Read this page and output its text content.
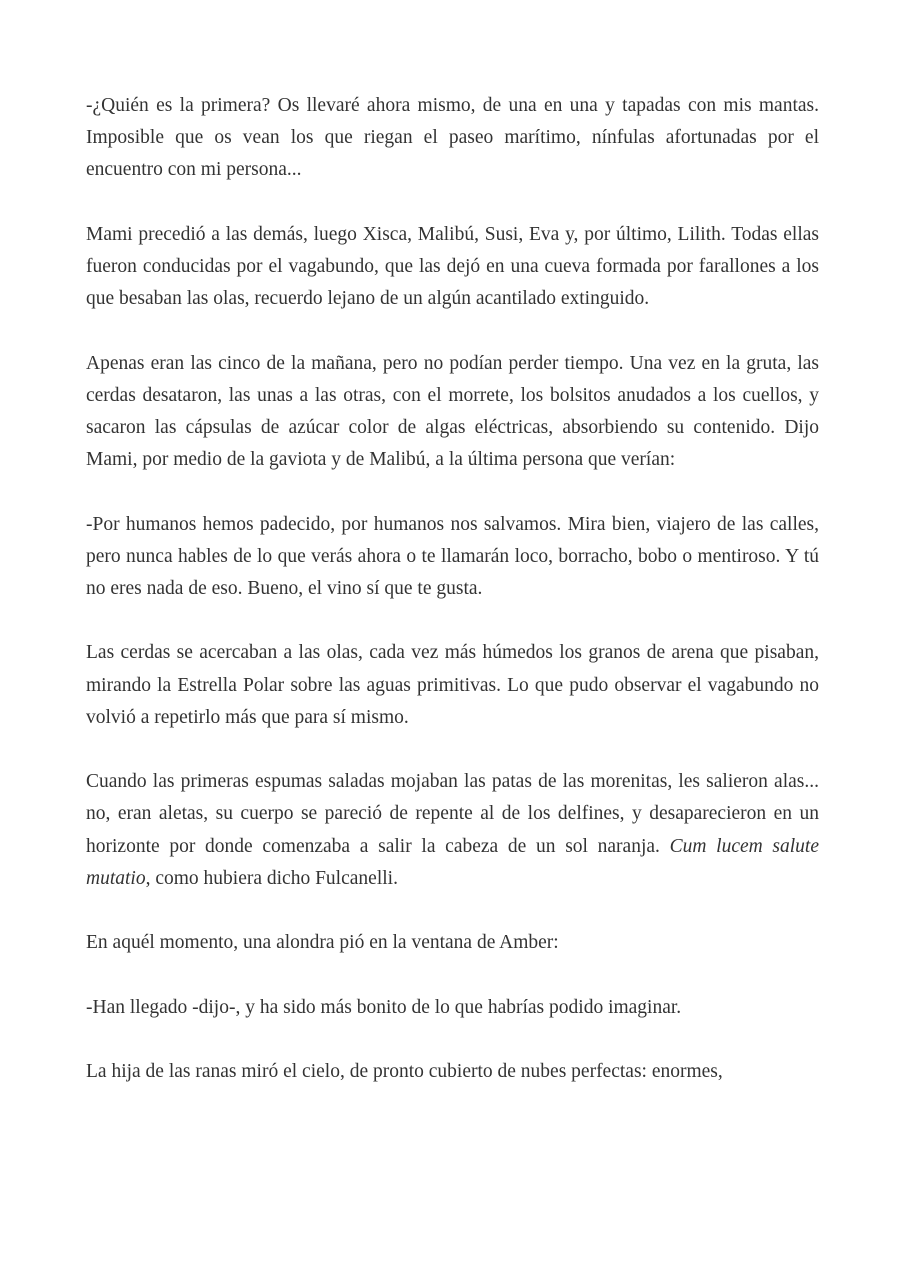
-¿Quién es la primera? Os llevaré ahora mismo, de una en una y tapadas con mis mantas. Imposible que os vean los que riegan el paseo marítimo, nínfulas afortunadas por el encuentro con mi persona...

Mami precedió a las demás, luego Xisca, Malibú, Susi, Eva y, por último, Lilith. Todas ellas fueron conducidas por el vagabundo, que las dejó en una cueva formada por farallones a los que besaban las olas, recuerdo lejano de un algún acantilado extinguido.

Apenas eran las cinco de la mañana, pero no podían perder tiempo. Una vez en la gruta, las cerdas desataron, las unas a las otras, con el morrete, los bolsitos anudados a los cuellos, y sacaron las cápsulas de azúcar color de algas eléctricas, absorbiendo su contenido. Dijo Mami, por medio de la gaviota y de Malibú, a la última persona que verían:

-Por humanos hemos padecido, por humanos nos salvamos. Mira bien, viajero de las calles, pero nunca hables de lo que verás ahora o te llamarán loco, borracho, bobo o mentiroso. Y tú no eres nada de eso. Bueno, el vino sí que te gusta.

Las cerdas se acercaban a las olas, cada vez más húmedos los granos de arena que pisaban, mirando la Estrella Polar sobre las aguas primitivas. Lo que pudo observar el vagabundo no volvió a repetirlo más que para sí mismo.

Cuando las primeras espumas saladas mojaban las patas de las morenitas, les salieron alas... no, eran aletas, su cuerpo se pareció de repente al de los delfines, y desaparecieron en un horizonte por donde comenzaba a salir la cabeza de un sol naranja. Cum lucem salute mutatio, como hubiera dicho Fulcanelli.

En aquél momento, una alondra pió en la ventana de Amber:

-Han llegado -dijo-, y ha sido más bonito de lo que habrías podido imaginar.

La hija de las ranas miró el cielo, de pronto cubierto de nubes perfectas: enormes,
